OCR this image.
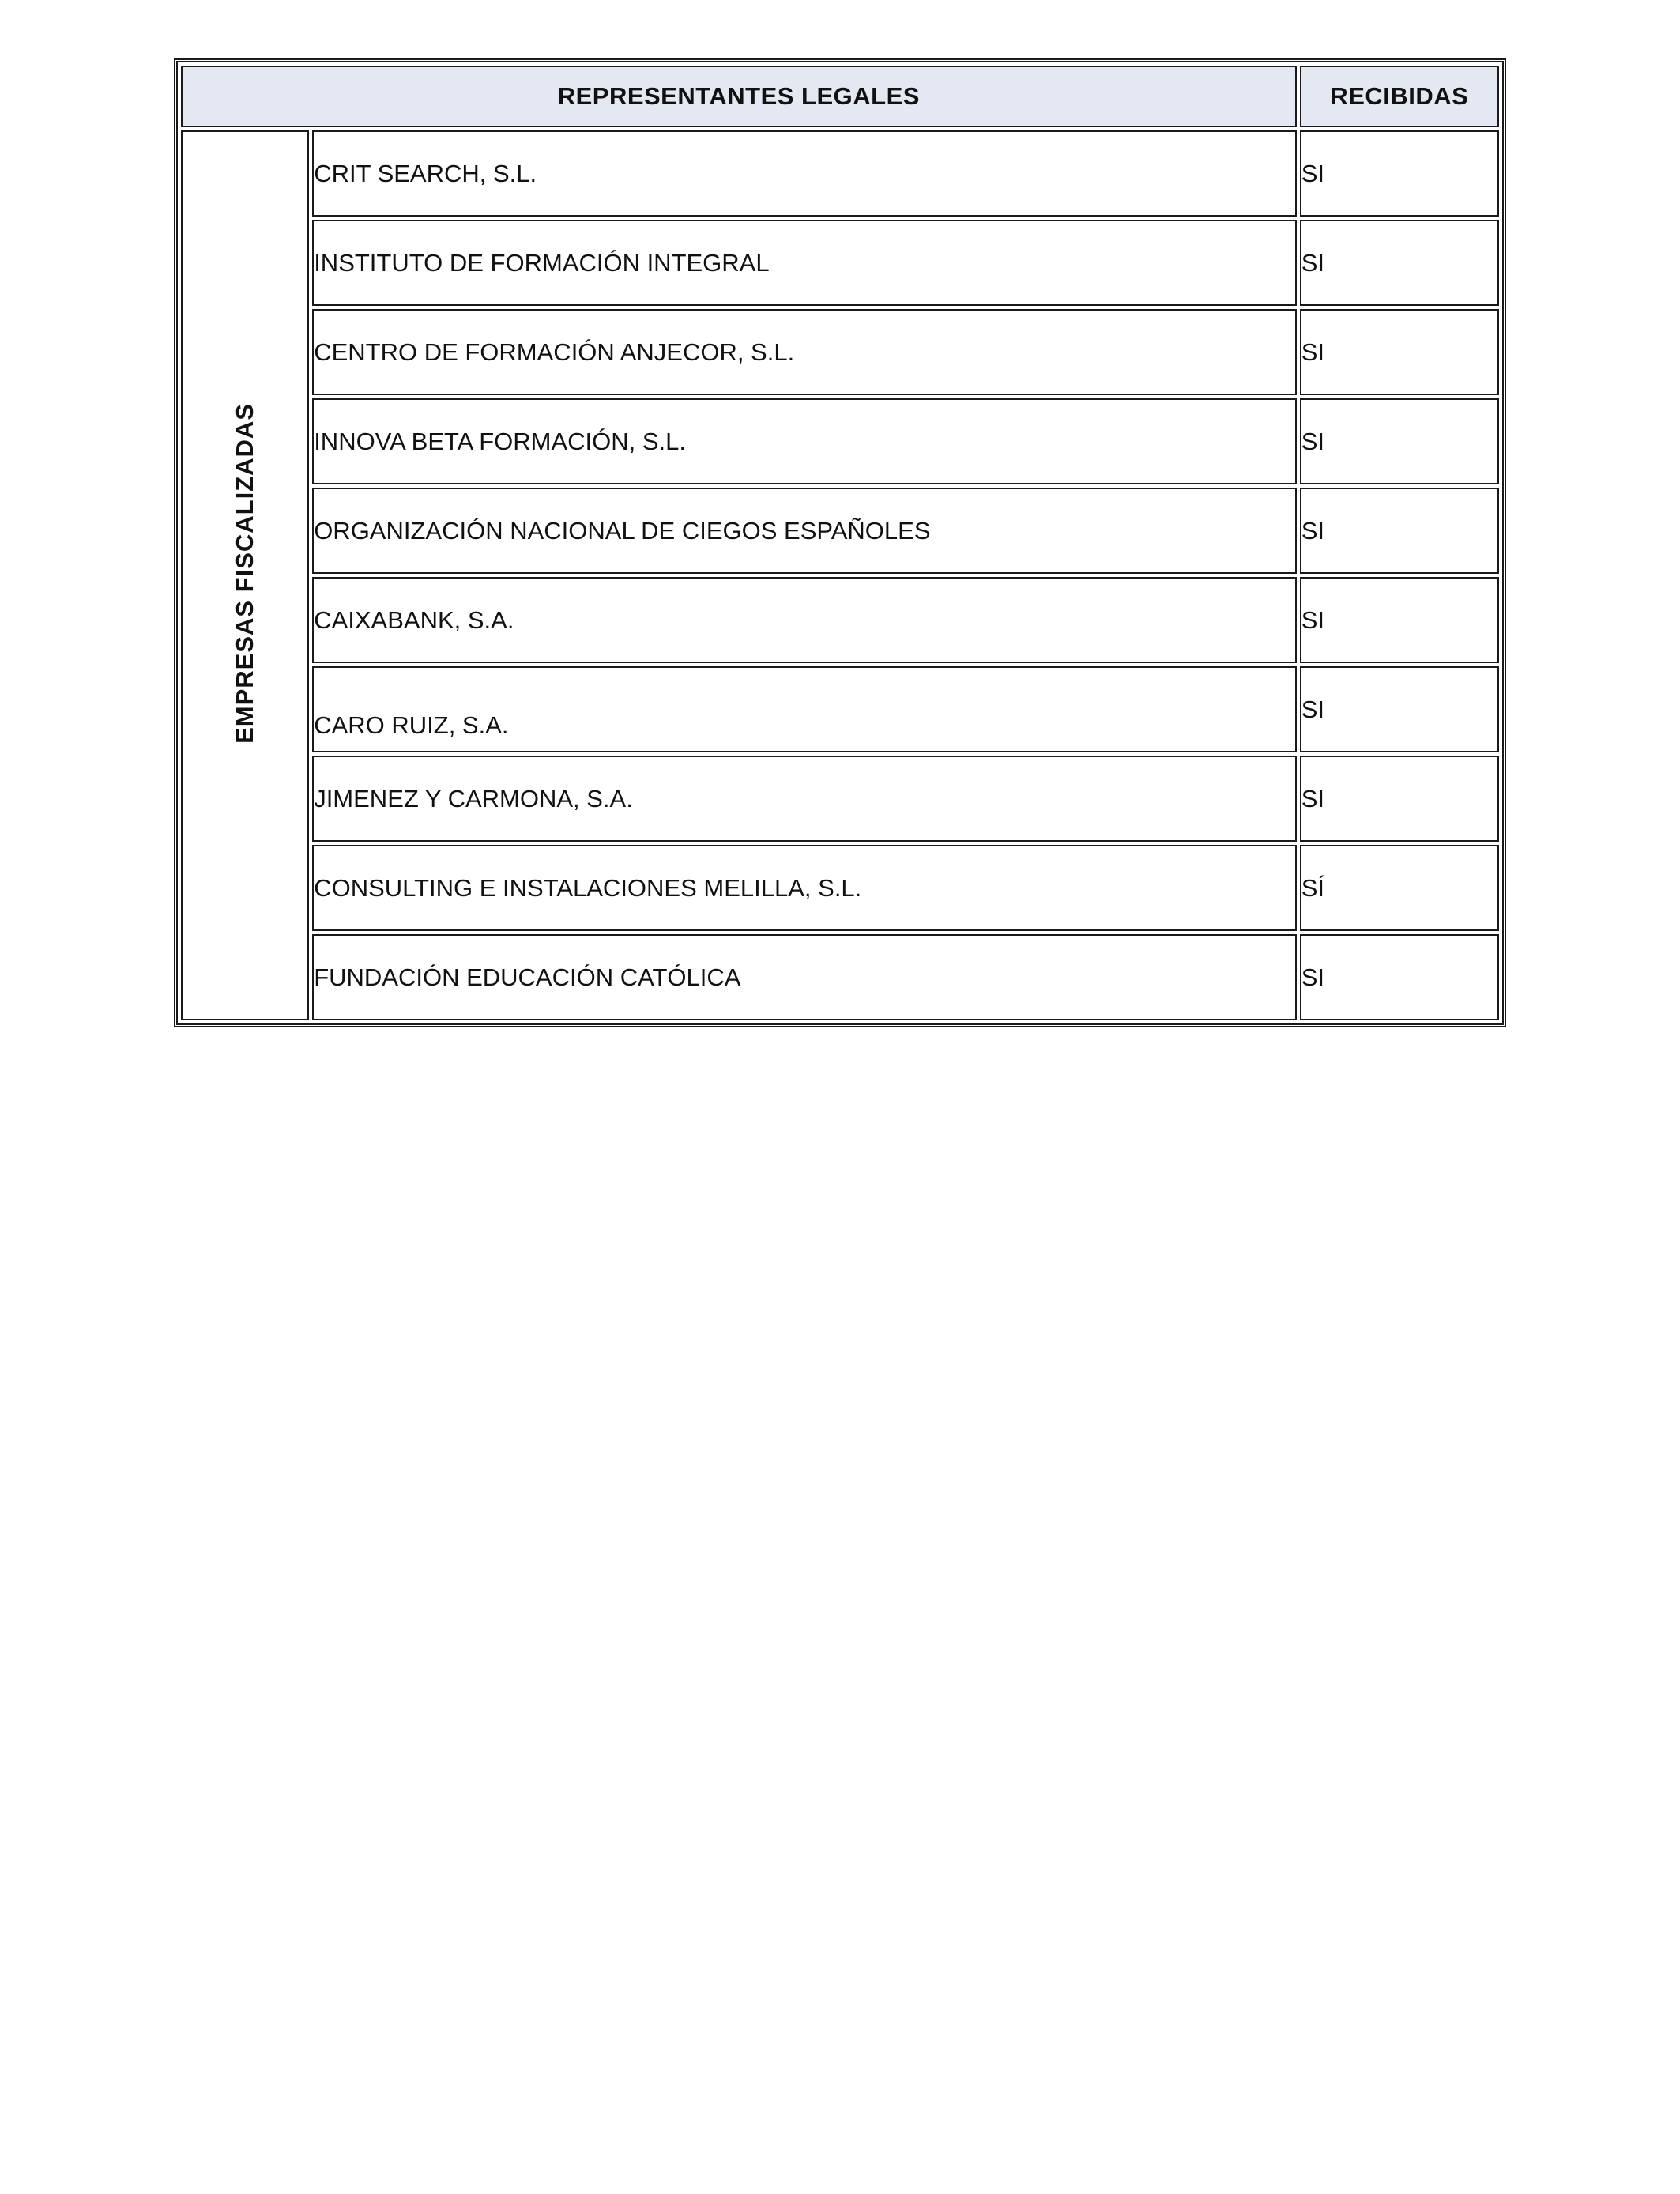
REPRESENTANTES LEGALES		RECIBIDAS
EMPRESAS FISCALIZADAS	CRIT SEARCH, S.L.	SI
	INSTITUTO DE FORMACIÓN INTEGRAL	SI
	CENTRO DE FORMACIÓN ANJECOR, S.L.	SI
	INNOVA BETA FORMACIÓN, S.L.	SI
	ORGANIZACIÓN NACIONAL DE CIEGOS ESPAÑOLES	SI
	CAIXABANK, S.A.	SI
	CARO RUIZ, S.A.	SI
	JIMENEZ Y CARMONA, S.A.	SI
	CONSULTING E INSTALACIONES MELILLA, S.L.	SÍ
	FUNDACIÓN EDUCACIÓN CATÓLICA	SI
